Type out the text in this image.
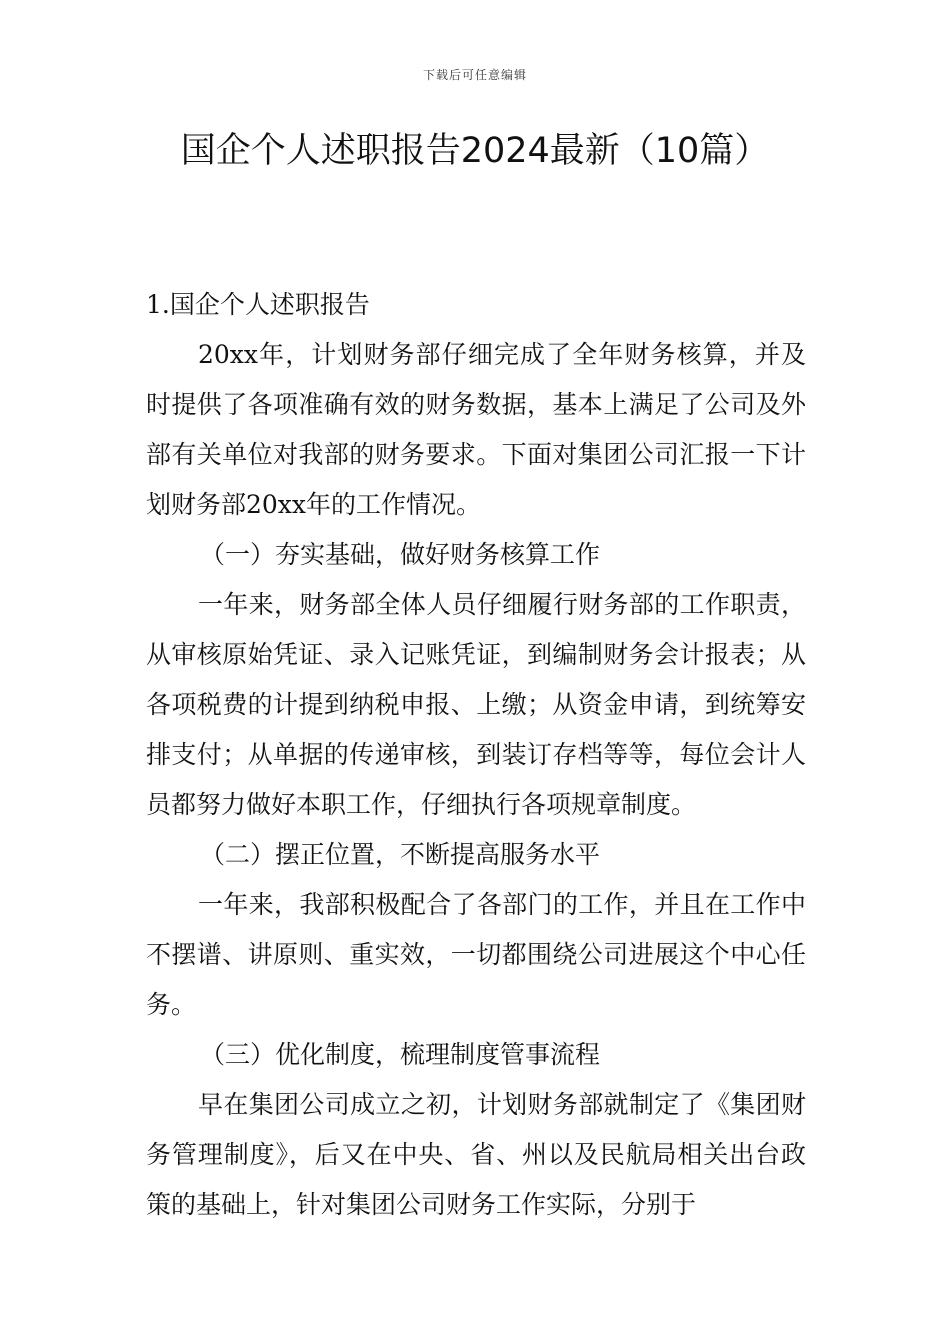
下载后可任意编辑
国企个人述职报告2024最新（10篇）

1.国企个人述职报告

20xx年，计划财务部仔细完成了全年财务核算，并及时提供了各项准确有效的财务数据，基本上满足了公司及外部有关单位对我部的财务要求。下面对集团公司汇报一下计划财务部20xx年的工作情况。

（一）夯实基础，做好财务核算工作

一年来，财务部全体人员仔细履行财务部的工作职责，从审核原始凭证、录入记账凭证，到编制财务会计报表；从各项税费的计提到纳税申报、上缴；从资金申请，到统筹安排支付；从单据的传递审核，到装订存档等等，每位会计人员都努力做好本职工作，仔细执行各项规章制度。

（二）摆正位置，不断提高服务水平

一年来，我部积极配合了各部门的工作，并且在工作中不摆谱、讲原则、重实效，一切都围绕公司进展这个中心任务。

（三）优化制度，梳理制度管事流程

早在集团公司成立之初，计划财务部就制定了《集团财务管理制度》，后又在中央、省、州以及民航局相关出台政策的基础上，针对集团公司财务工作实际，分别于
